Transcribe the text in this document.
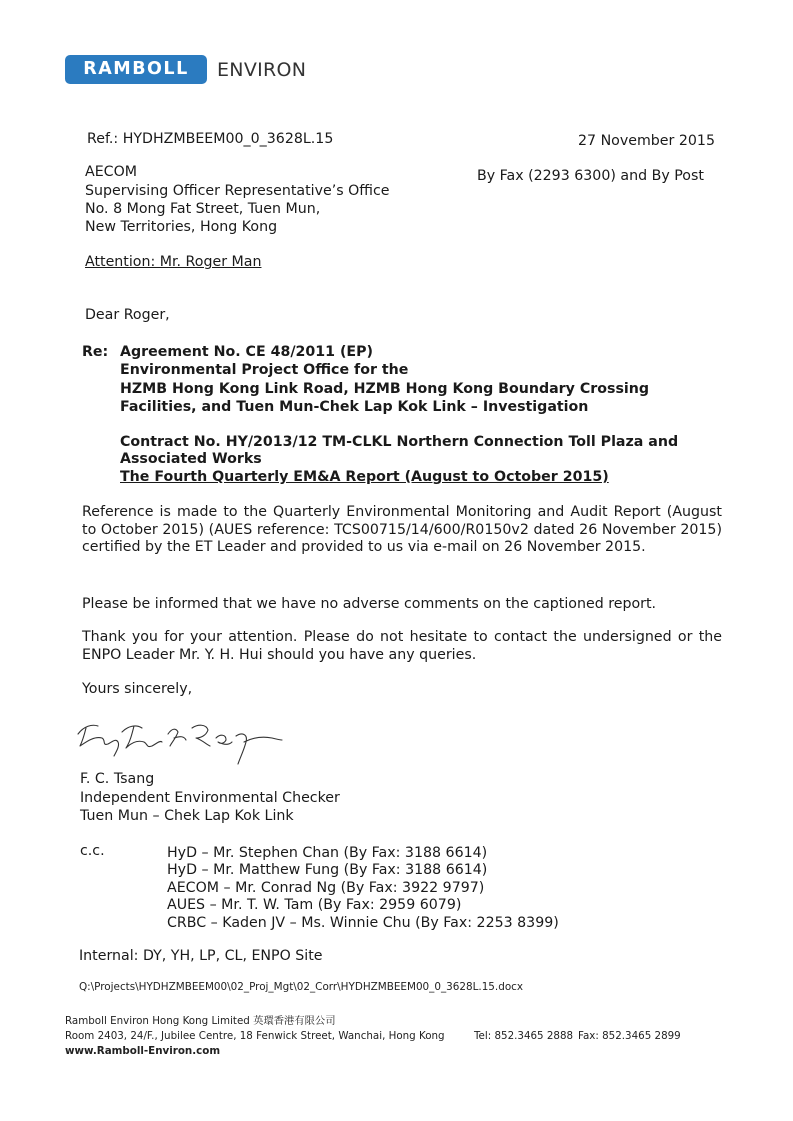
RAMBOLL	ENVIRON

Ref.: HYDHZMBEEM00_0_3628L.15	27 November 2015

By Fax (2293 6300) and By Post

AECOM

Supervising Officer Representative’s Office

No. 8 Mong Fat Street, Tuen Mun,

New Territories, Hong Kong

Attention: Mr. Roger Man

Dear Roger,

Re: Agreement No. CE 48/2011 (EP)

Environmental Project Office for the

HZMB Hong Kong Link Road, HZMB Hong Kong Boundary Crossing

Facilities, and Tuen Mun-Chek Lap Kok Link – Investigation

Contract No. HY/2013/12 TM-CLKL Northern Connection Toll Plaza and

Associated Works

The Fourth Quarterly EM&A Report (August to October 2015)

Reference is made to the Quarterly Environmental Monitoring and Audit Report (August to October 2015) (AUES reference: TCS00715/14/600/R0150v2 dated 26 November 2015) certified by the ET Leader and provided to us via e-mail on 26 November 2015.

Please be informed that we have no adverse comments on the captioned report.

Thank you for your attention. Please do not hesitate to contact the undersigned or the ENPO Leader Mr. Y. H. Hui should you have any queries.

Yours sincerely,

F. C. Tsang

Independent Environmental Checker

Tuen Mun – Chek Lap Kok Link

c.c.	HyD – Mr. Stephen Chan (By Fax: 3188 6614)

HyD – Mr. Matthew Fung (By Fax: 3188 6614)

AECOM – Mr. Conrad Ng (By Fax: 3922 9797)

AUES – Mr. T. W. Tam (By Fax: 2959 6079)

CRBC – Kaden JV – Ms. Winnie Chu (By Fax: 2253 8399)

Internal: DY, YH, LP, CL, ENPO Site

Q:\Projects\HYDHZMBEEM00\02_Proj_Mgt\02_Corr\HYDHZMBEEM00_0_3628L.15.docx

Ramboll Environ Hong Kong Limited 英環香港有限公司

Room 2403, 24/F., Jubilee Centre, 18 Fenwick Street, Wanchai, Hong Kong	Tel: 852.3465 2888 Fax: 852.3465 2899

www.Ramboll-Environ.com
